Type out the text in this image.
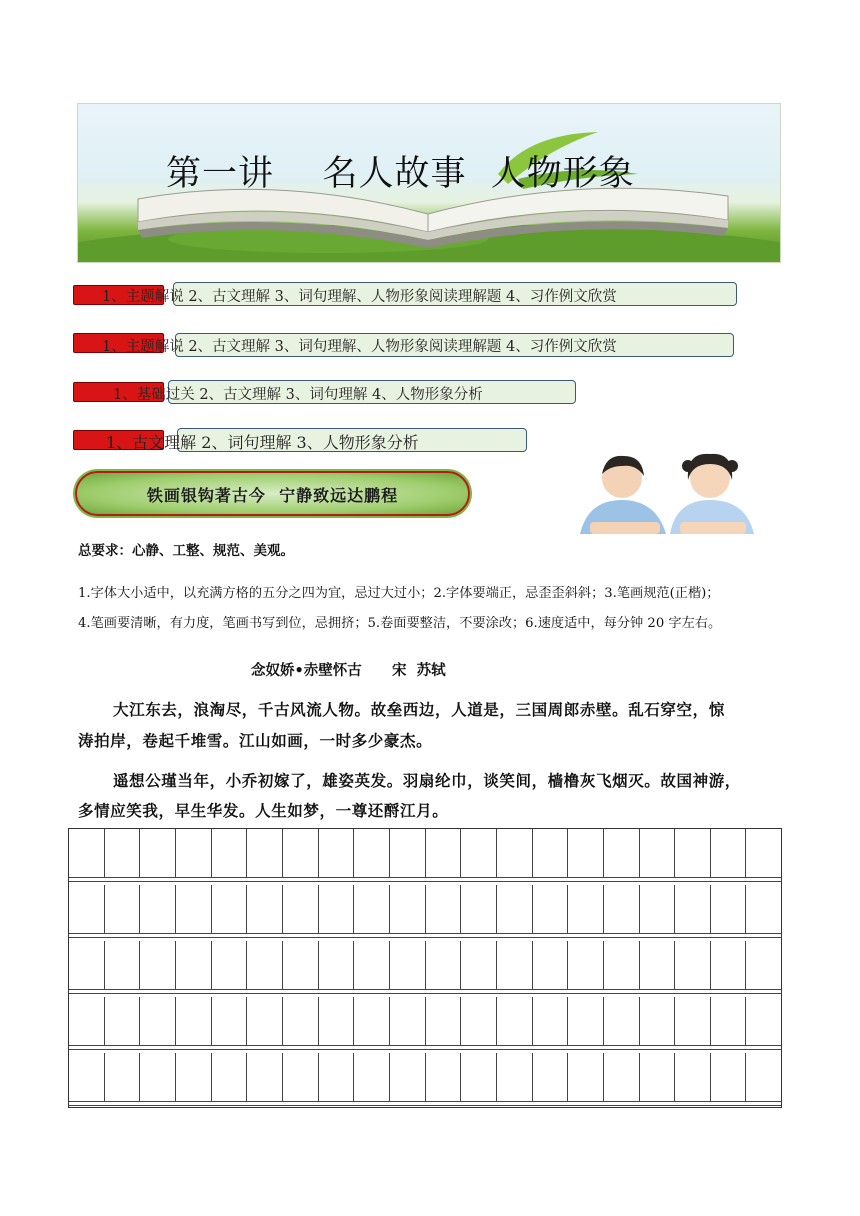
第一讲    名人故事  人物形象
1、主题解说 2、古文理解 3、词句理解、人物形象阅读理解题 4、习作例文欣赏
1、主题解说 2、古文理解 3、词句理解、人物形象阅读理解题 4、习作例文欣赏
1、基础过关 2、古文理解 3、词句理解 4、人物形象分析
1、古文理解 2、词句理解 3、人物形象分析
铁画银钩著古今  宁静致远达鹏程
总要求：心静、工整、规范、美观。
1.字体大小适中，以充满方格的五分之四为宜，忌过大过小；2.字体要端正，忌歪歪斜斜；3.笔画规范(正楷)；
4.笔画要清晰，有力度，笔画书写到位，忌拥挤；5.卷面要整洁，不要涂改；6.速度适中，每分钟 20 字左右。
念奴娇•赤壁怀古      宋  苏轼
大江东去，浪淘尽，千古风流人物。故垒西边，人道是，三国周郎赤壁。乱石穿空，惊
涛拍岸，卷起千堆雪。江山如画，一时多少豪杰。
遥想公瑾当年，小乔初嫁了，雄姿英发。羽扇纶巾，谈笑间，樯橹灰飞烟灭。故国神游，
多情应笑我，早生华发。人生如梦，一尊还酹江月。
